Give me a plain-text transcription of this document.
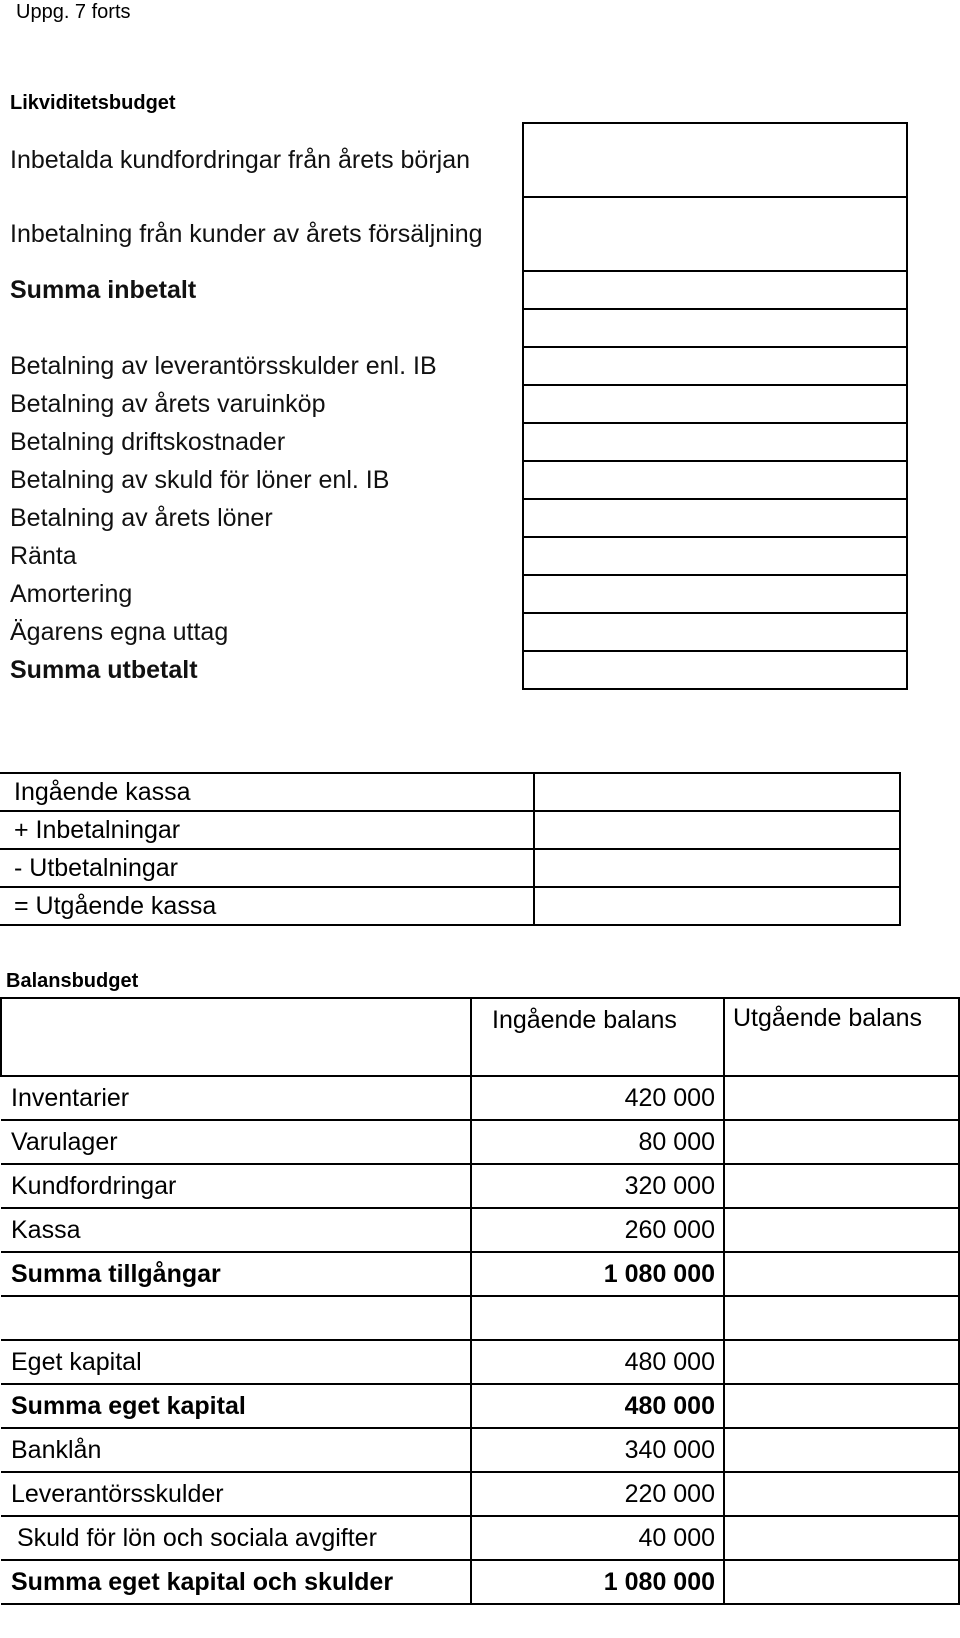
Uppg. 7 forts
Likviditetsbudget
Inbetalda kundfordringar från årets början	
Inbetalning från kunder av årets försäljning	
Summa inbetalt	

Betalning av leverantörsskulder enl. IB	
Betalning av årets varuinköp	
Betalning driftskostnader	
Betalning av skuld för löner enl. IB	
Betalning av årets löner	
Ränta	
Amortering	
Ägarens egna uttag	
Summa utbetalt	
Ingående kassa	
+ Inbetalningar	
- Utbetalningar	
= Utgående kassa	
Balansbudget
	Ingående balans	Utgående balans
Inventarier	420 000	
Varulager	80 000	
Kundfordringar	320 000	
Kassa	260 000	
Summa tillgångar	1 080 000	

Eget kapital	480 000	
Summa eget kapital	480 000	
Banklån	340 000	
Leverantörsskulder	220 000	
Skuld för lön och sociala avgifter	40 000	
Summa eget kapital och skulder	1 080 000	
